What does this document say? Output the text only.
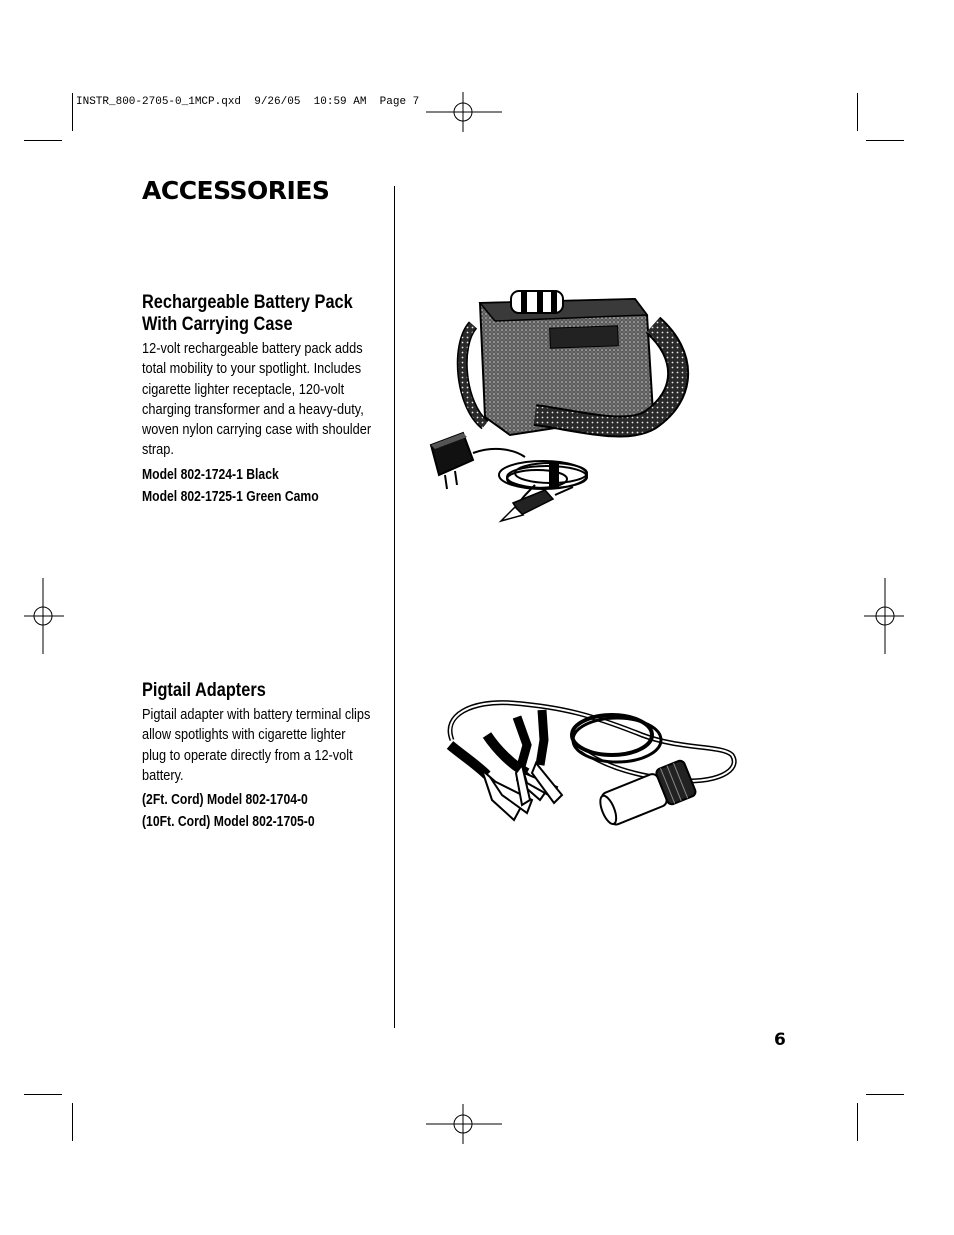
INSTR_800-2705-0_1MCP.qxd  9/26/05  10:59 AM  Page 7
ACCESSORIES
Rechargeable Battery Pack With Carrying Case
12-volt rechargeable battery pack adds total mobility to your spotlight. Includes cigarette lighter receptacle, 120-volt charging transformer and a heavy-duty, woven nylon carrying case with shoulder strap.
Model 802-1724-1 Black
Model 802-1725-1 Green Camo
Pigtail Adapters
Pigtail adapter with battery terminal clips allow spotlights with cigarette lighter plug to operate directly from a 12-volt battery.
(2Ft. Cord) Model 802-1704-0
(10Ft. Cord) Model 802-1705-0
6
